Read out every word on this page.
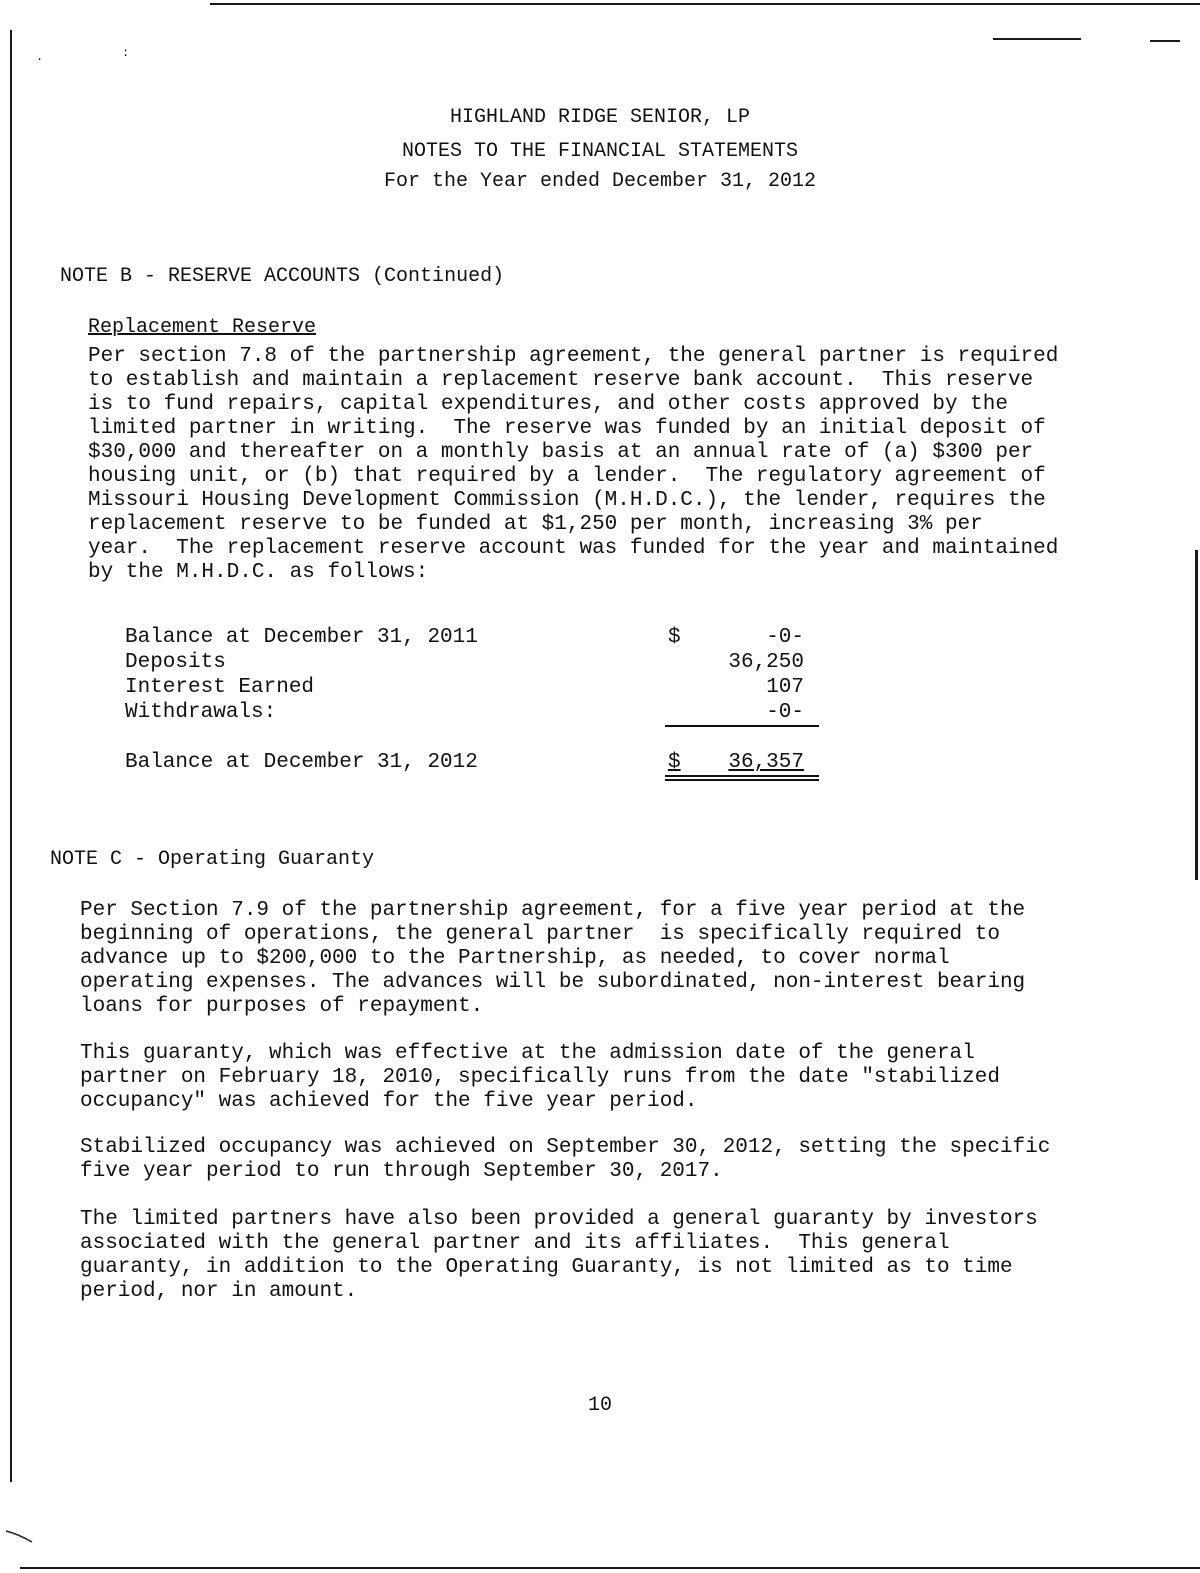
.	:
HIGHLAND RIDGE SENIOR, LP
NOTES TO THE FINANCIAL STATEMENTS
For the Year ended December 31, 2012
NOTE B - RESERVE ACCOUNTS (Continued)
Replacement Reserve
Per section 7.8 of the partnership agreement, the general partner is required
to establish and maintain a replacement reserve bank account.  This reserve
is to fund repairs, capital expenditures, and other costs approved by the
limited partner in writing.  The reserve was funded by an initial deposit of
$30,000 and thereafter on a monthly basis at an annual rate of (a) $300 per
housing unit, or (b) that required by a lender.  The regulatory agreement of
Missouri Housing Development Commission (M.H.D.C.), the lender, requires the
replacement reserve to be funded at $1,250 per month, increasing 3% per
year.  The replacement reserve account was funded for the year and maintained
by the M.H.D.C. as follows:
Balance at December 31, 2011	$	-0-
Deposits	36,250
Interest Earned	107
Withdrawals:	-0-
Balance at December 31, 2012	$	36,357
NOTE C - Operating Guaranty
Per Section 7.9 of the partnership agreement, for a five year period at the
beginning of operations, the general partner  is specifically required to
advance up to $200,000 to the Partnership, as needed, to cover normal
operating expenses. The advances will be subordinated, non-interest bearing
loans for purposes of repayment.
This guaranty, which was effective at the admission date of the general
partner on February 18, 2010, specifically runs from the date "stabilized
occupancy" was achieved for the five year period.
Stabilized occupancy was achieved on September 30, 2012, setting the specific
five year period to run through September 30, 2017.
The limited partners have also been provided a general guaranty by investors
associated with the general partner and its affiliates.  This general
guaranty, in addition to the Operating Guaranty, is not limited as to time
period, nor in amount.
10
